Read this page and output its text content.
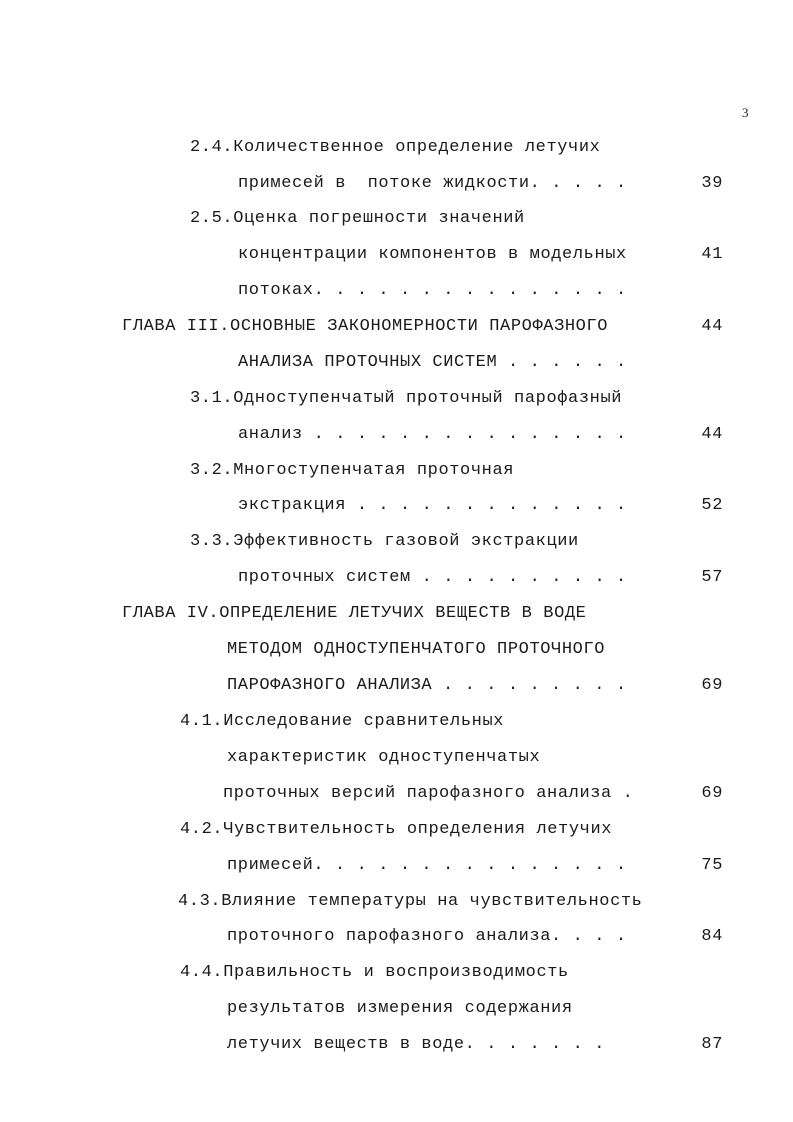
3
2.4.Количественное определение летучих
примесей в  потоке жидкости. . . . .	39
2.5.Оценка погрешности значений
концентрации компонентов в модельных	41
потоках. . . . . . . . . . . . . . .
ГЛАВА III.ОСНОВНЫЕ ЗАКОНОМЕРНОСТИ ПАРОФАЗНОГО	44
АНАЛИЗА ПРОТОЧНЫХ СИСТЕМ . . . . . .
3.1.Одноступенчатый проточный парофазный
анализ . . . . . . . . . . . . . . .	44
3.2.Многоступенчатая проточная
экстракция . . . . . . . . . . . . .	52
3.3.Эффективность газовой экстракции
проточных систем . . . . . . . . . .	57
ГЛАВА IV.ОПРЕДЕЛЕНИЕ ЛЕТУЧИХ ВЕЩЕСТВ В ВОДЕ
МЕТОДОМ ОДНОСТУПЕНЧАТОГО ПРОТОЧНОГО
ПАРОФАЗНОГО АНАЛИЗА . . . . . . . . .	69
4.1.Исследование сравнительных
характеристик одноступенчатых
проточных версий парофазного анализа .	69
4.2.Чувствительность определения летучих
примесей. . . . . . . . . . . . . . .	75
4.3.Влияние температуры на чувствительность
проточного парофазного анализа. . . .	84
4.4.Правильность и воспроизводимость
результатов измерения содержания
летучих веществ в воде. . . . . . .	87
